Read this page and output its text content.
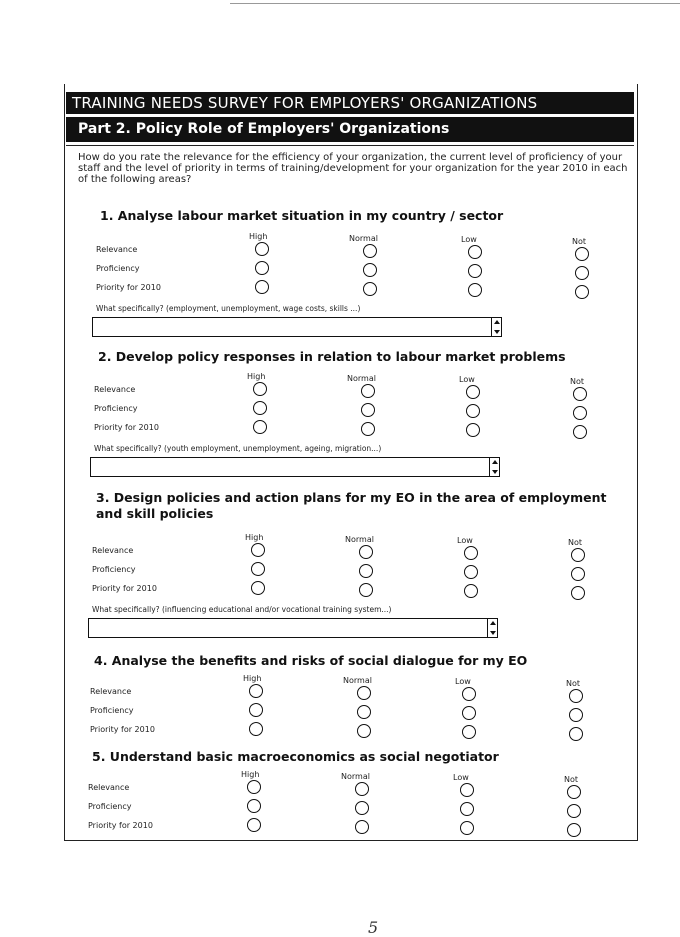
TRAINING NEEDS SURVEY FOR EMPLOYERS' ORGANIZATIONS
Part 2. Policy Role of Employers' Organizations

How do you rate the relevance for the efficiency of your organization, the current level of proficiency of your staff and the level of priority in terms of training/development for your organization for the year 2010 in each of the following areas?

1. Analyse labour market situation in my country / sector

High	Normal	Low	Not
Relevance
Proficiency
Priority for 2010
What specifically? (employment, unemployment, wage costs, skills ...)

2. Develop policy responses in relation to labour market problems

High	Normal	Low	Not
Relevance
Proficiency
Priority for 2010
What specifically? (youth employment, unemployment, ageing, migration...)

3. Design policies and action plans for my EO in the area of employment and skill policies

High	Normal	Low	Not
Relevance
Proficiency
Priority for 2010
What specifically? (influencing educational and/or vocational training system...)

4. Analyse the benefits and risks of social dialogue for my EO

High	Normal	Low	Not
Relevance
Proficiency
Priority for 2010

5. Understand basic macroeconomics as social negotiator

High	Normal	Low	Not
Relevance
Proficiency
Priority for 2010
5
